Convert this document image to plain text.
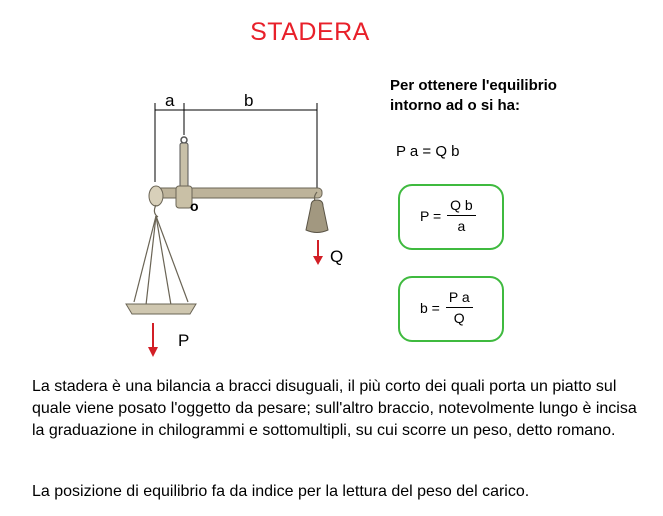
STADERA
a	b
o
Q
P
Per ottenere l'equilibrio
intorno ad o si ha:
P a = Q b
$P = \frac{\text{Q b}}{a}$
$b = \frac{\text{P a}}{Q}$
La stadera è una bilancia a bracci disuguali, il più corto dei quali porta un piatto sul quale viene posato l'oggetto da pesare; sull'altro braccio, notevolmente lungo è incisa la graduazione in chilogrammi e sottomultipli, su cui scorre un peso, detto romano.
La posizione di equilibrio fa da indice per la lettura del peso del carico.
